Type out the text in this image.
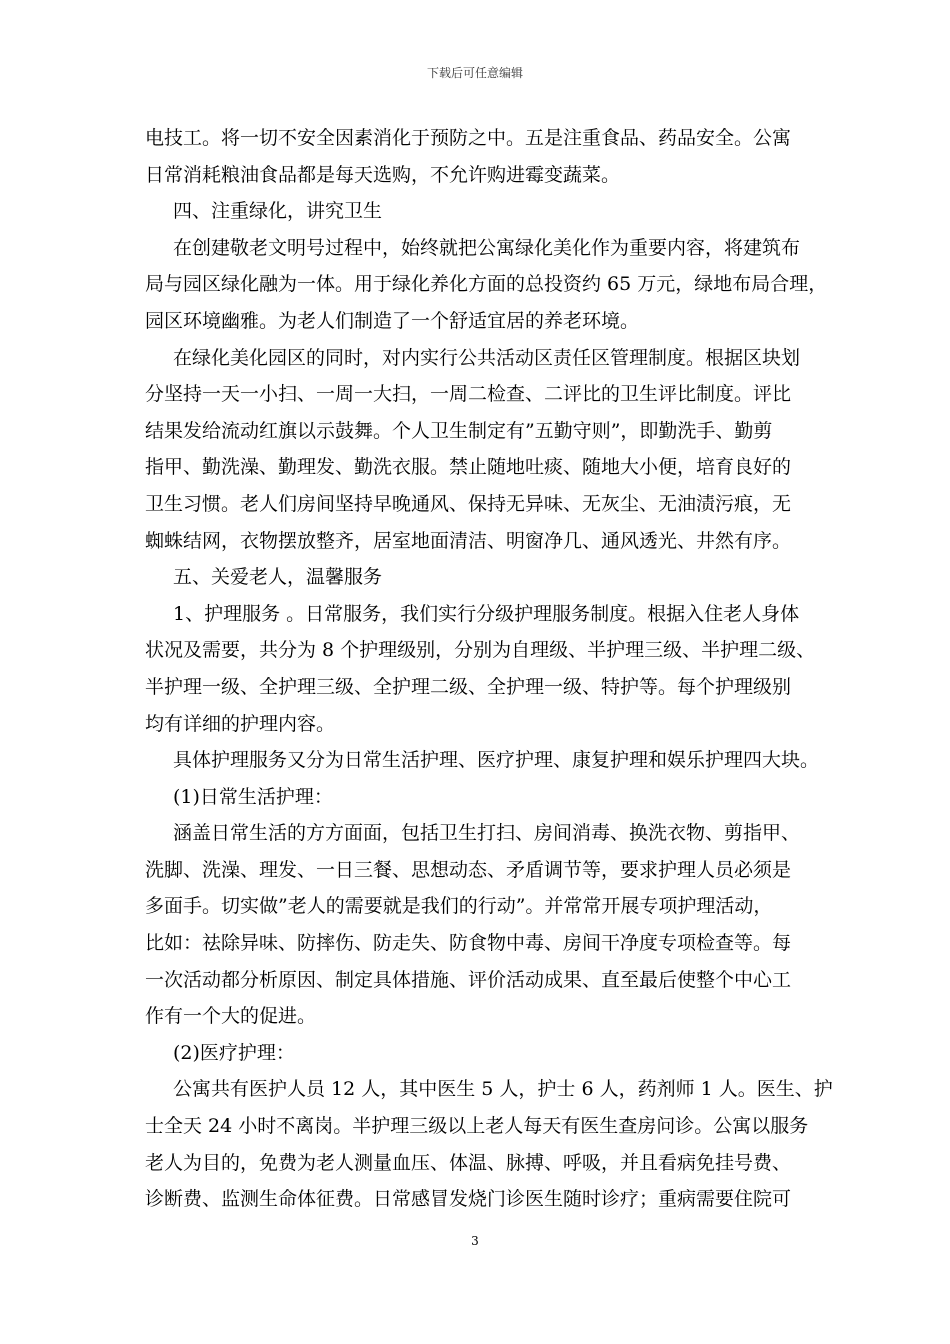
下载后可任意编辑
电技工。将一切不安全因素消化于预防之中。五是注重食品、药品安全。公寓
日常消耗粮油食品都是每天选购，不允许购进霉变蔬菜。
四、注重绿化，讲究卫生
在创建敬老文明号过程中，始终就把公寓绿化美化作为重要内容，将建筑布
局与园区绿化融为一体。用于绿化养化方面的总投资约 65 万元，绿地布局合理，
园区环境幽雅。为老人们制造了一个舒适宜居的养老环境。
在绿化美化园区的同时，对内实行公共活动区责任区管理制度。根据区块划
分坚持一天一小扫、一周一大扫，一周二检查、二评比的卫生评比制度。评比
结果发给流动红旗以示鼓舞。个人卫生制定有”五勤守则”，即勤洗手、勤剪
指甲、勤洗澡、勤理发、勤洗衣服。禁止随地吐痰、随地大小便，培育良好的
卫生习惯。老人们房间坚持早晚通风、保持无异味、无灰尘、无油渍污痕，无
蜘蛛结网，衣物摆放整齐，居室地面清洁、明窗净几、通风透光、井然有序。
五、关爱老人，温馨服务
1、护理服务 。日常服务，我们实行分级护理服务制度。根据入住老人身体
状况及需要，共分为 8 个护理级别，分别为自理级、半护理三级、半护理二级、
半护理一级、全护理三级、全护理二级、全护理一级、特护等。每个护理级别
均有详细的护理内容。
具体护理服务又分为日常生活护理、医疗护理、康复护理和娱乐护理四大块。
(1)日常生活护理：
涵盖日常生活的方方面面，包括卫生打扫、房间消毒、换洗衣物、剪指甲、
洗脚、洗澡、理发、一日三餐、思想动态、矛盾调节等，要求护理人员必须是
多面手。切实做”老人的需要就是我们的行动”。并常常开展专项护理活动，
比如：祛除异味、防摔伤、防走失、防食物中毒、房间干净度专项检查等。每
一次活动都分析原因、制定具体措施、评价活动成果、直至最后使整个中心工
作有一个大的促进。
(2)医疗护理：
公寓共有医护人员 12 人，其中医生 5 人，护士 6 人，药剂师 1 人。医生、护
士全天 24 小时不离岗。半护理三级以上老人每天有医生查房问诊。公寓以服务
老人为目的，免费为老人测量血压、体温、脉搏、呼吸，并且看病免挂号费、
诊断费、监测生命体征费。日常感冒发烧门诊医生随时诊疗；重病需要住院可
3
